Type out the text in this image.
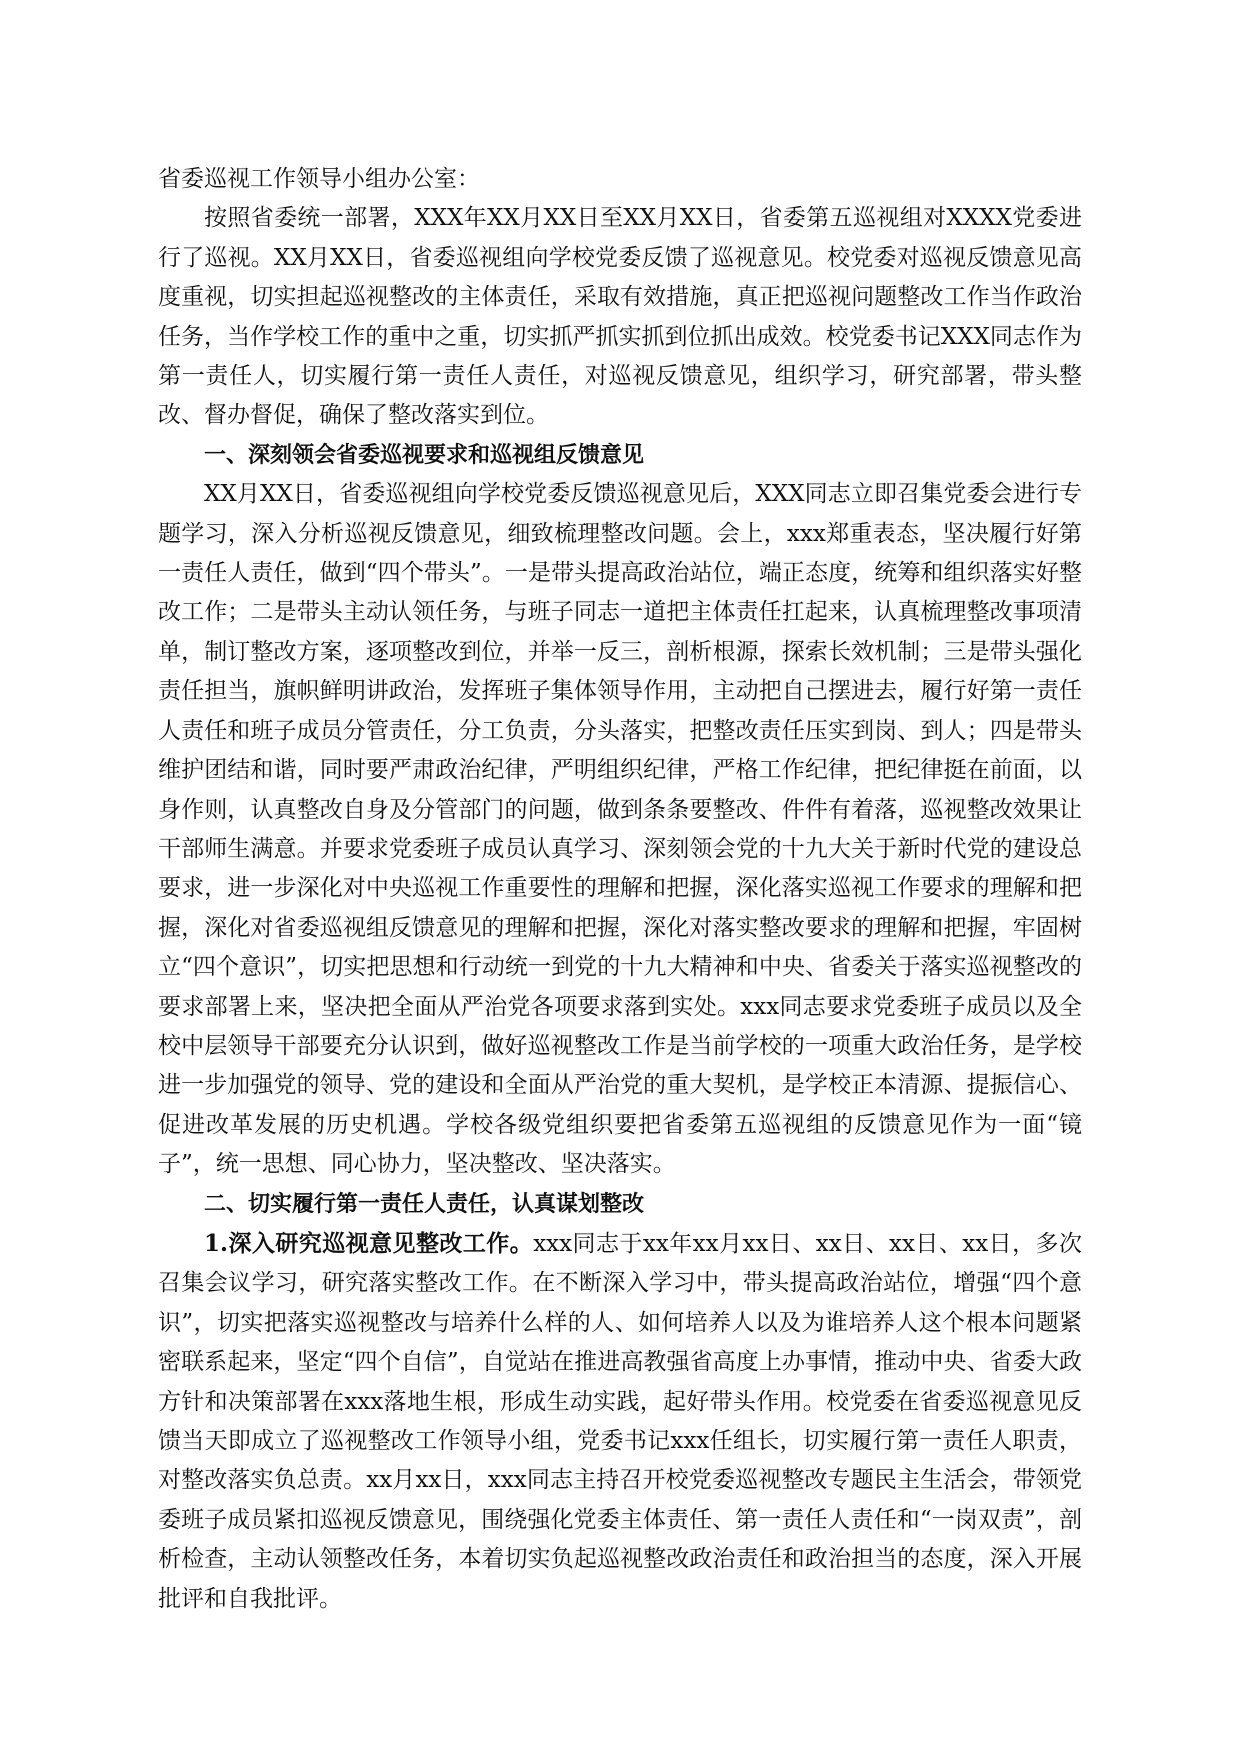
省委巡视工作领导小组办公室：

按照省委统一部署，XXX年XX月XX日至XX月XX日，省委第五巡视组对XXXX党委进行了巡视。XX月XX日，省委巡视组向学校党委反馈了巡视意见。校党委对巡视反馈意见高度重视，切实担起巡视整改的主体责任，采取有效措施，真正把巡视问题整改工作当作政治任务，当作学校工作的重中之重，切实抓严抓实抓到位抓出成效。校党委书记XXX同志作为第一责任人，切实履行第一责任人责任，对巡视反馈意见，组织学习，研究部署，带头整改、督办督促，确保了整改落实到位。

一、深刻领会省委巡视要求和巡视组反馈意见

XX月XX日，省委巡视组向学校党委反馈巡视意见后，XXX同志立即召集党委会进行专题学习，深入分析巡视反馈意见，细致梳理整改问题。会上，xxx郑重表态，坚决履行好第一责任人责任，做到“四个带头”。一是带头提高政治站位，端正态度，统筹和组织落实好整改工作；二是带头主动认领任务，与班子同志一道把主体责任扛起来，认真梳理整改事项清单，制订整改方案，逐项整改到位，并举一反三，剖析根源，探索长效机制；三是带头强化责任担当，旗帜鲜明讲政治，发挥班子集体领导作用，主动把自己摆进去，履行好第一责任人责任和班子成员分管责任，分工负责，分头落实，把整改责任压实到岗、到人；四是带头维护团结和谐，同时要严肃政治纪律，严明组织纪律，严格工作纪律，把纪律挺在前面，以身作则，认真整改自身及分管部门的问题，做到条条要整改、件件有着落，巡视整改效果让干部师生满意。并要求党委班子成员认真学习、深刻领会党的十九大关于新时代党的建设总要求，进一步深化对中央巡视工作重要性的理解和把握，深化落实巡视工作要求的理解和把握，深化对省委巡视组反馈意见的理解和把握，深化对落实整改要求的理解和把握，牢固树立“四个意识”，切实把思想和行动统一到党的十九大精神和中央、省委关于落实巡视整改的要求部署上来，坚决把全面从严治党各项要求落到实处。xxx同志要求党委班子成员以及全校中层领导干部要充分认识到，做好巡视整改工作是当前学校的一项重大政治任务，是学校进一步加强党的领导、党的建设和全面从严治党的重大契机，是学校正本清源、提振信心、促进改革发展的历史机遇。学校各级党组织要把省委第五巡视组的反馈意见作为一面“镜子”，统一思想、同心协力，坚决整改、坚决落实。

二、切实履行第一责任人责任，认真谋划整改

1.深入研究巡视意见整改工作。xxx同志于xx年xx月xx日、xx日、xx日、xx日，多次召集会议学习，研究落实整改工作。在不断深入学习中，带头提高政治站位，增强“四个意识”，切实把落实巡视整改与培养什么样的人、如何培养人以及为谁培养人这个根本问题紧密联系起来，坚定“四个自信”，自觉站在推进高教强省高度上办事情，推动中央、省委大政方针和决策部署在xxx落地生根，形成生动实践，起好带头作用。校党委在省委巡视意见反馈当天即成立了巡视整改工作领导小组，党委书记xxx任组长，切实履行第一责任人职责，对整改落实负总责。xx月xx日，xxx同志主持召开校党委巡视整改专题民主生活会，带领党委班子成员紧扣巡视反馈意见，围绕强化党委主体责任、第一责任人责任和“一岗双责”，剖析检查，主动认领整改任务，本着切实负起巡视整改政治责任和政治担当的态度，深入开展批评和自我批评。
